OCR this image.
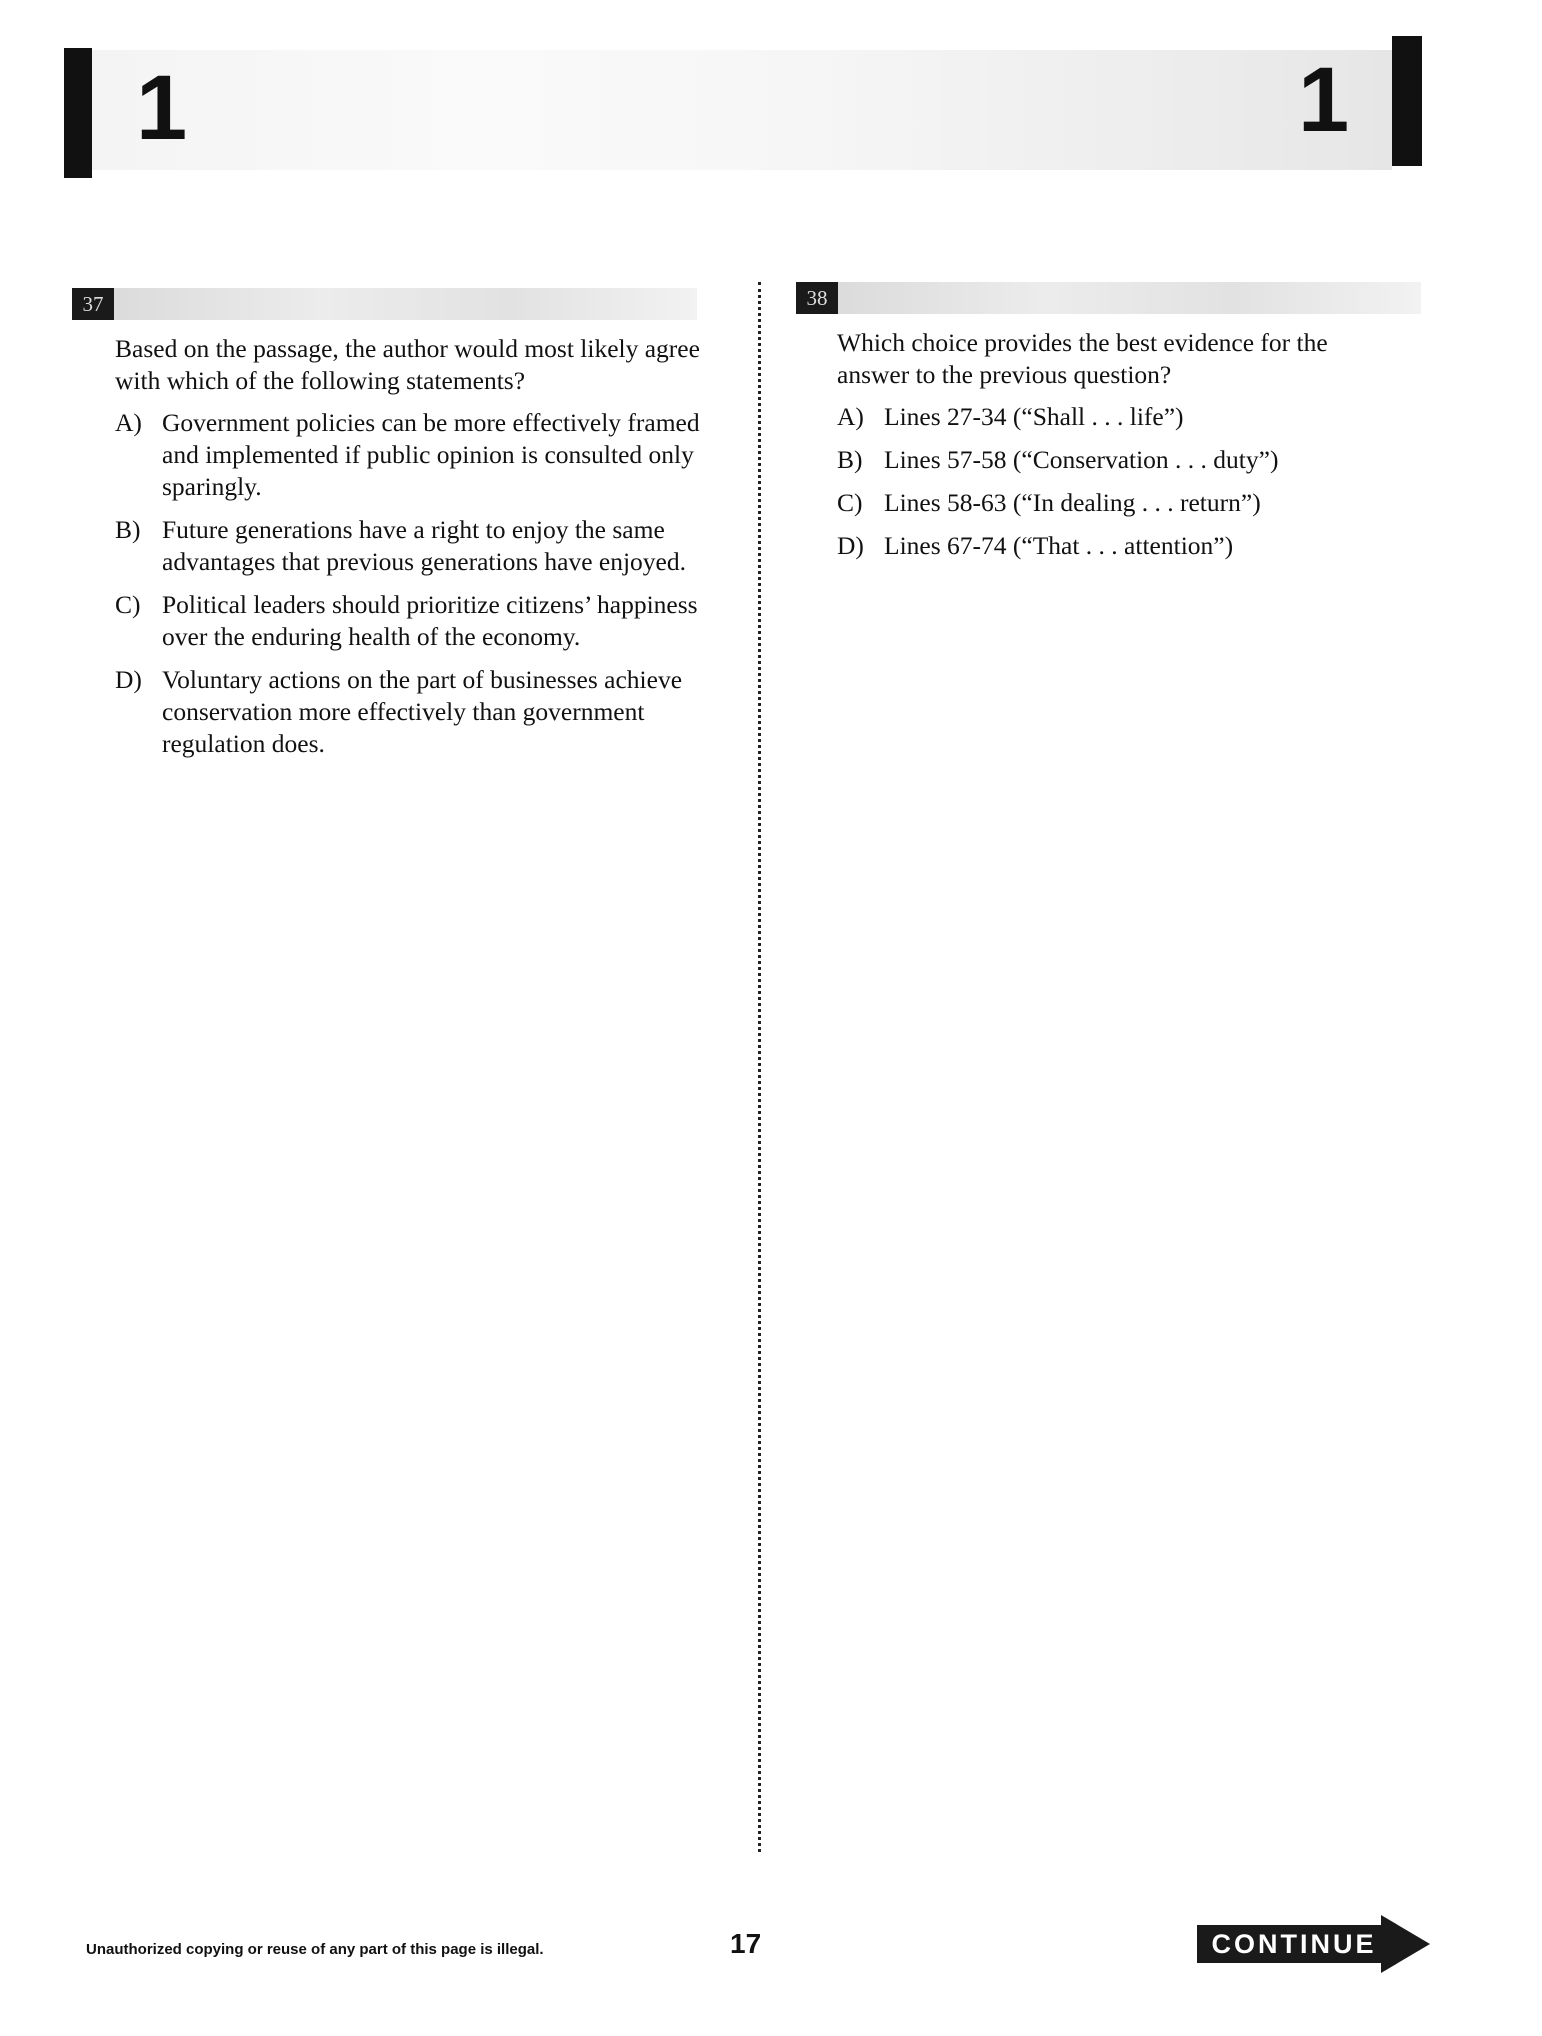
1	1
37

Based on the passage, the author would most likely agree with which of the following statements?

A) Government policies can be more effectively framed and implemented if public opinion is consulted only sparingly.
B) Future generations have a right to enjoy the same advantages that previous generations have enjoyed.
C) Political leaders should prioritize citizens’ happiness over the enduring health of the economy.
D) Voluntary actions on the part of businesses achieve conservation more effectively than government regulation does.
38

Which choice provides the best evidence for the answer to the previous question?

A) Lines 27-34 (“Shall . . . life”)
B) Lines 57-58 (“Conservation . . . duty”)
C) Lines 58-63 (“In dealing . . . return”)
D) Lines 67-74 (“That . . . attention”)
Unauthorized copying or reuse of any part of this page is illegal.	17	CONTINUE
